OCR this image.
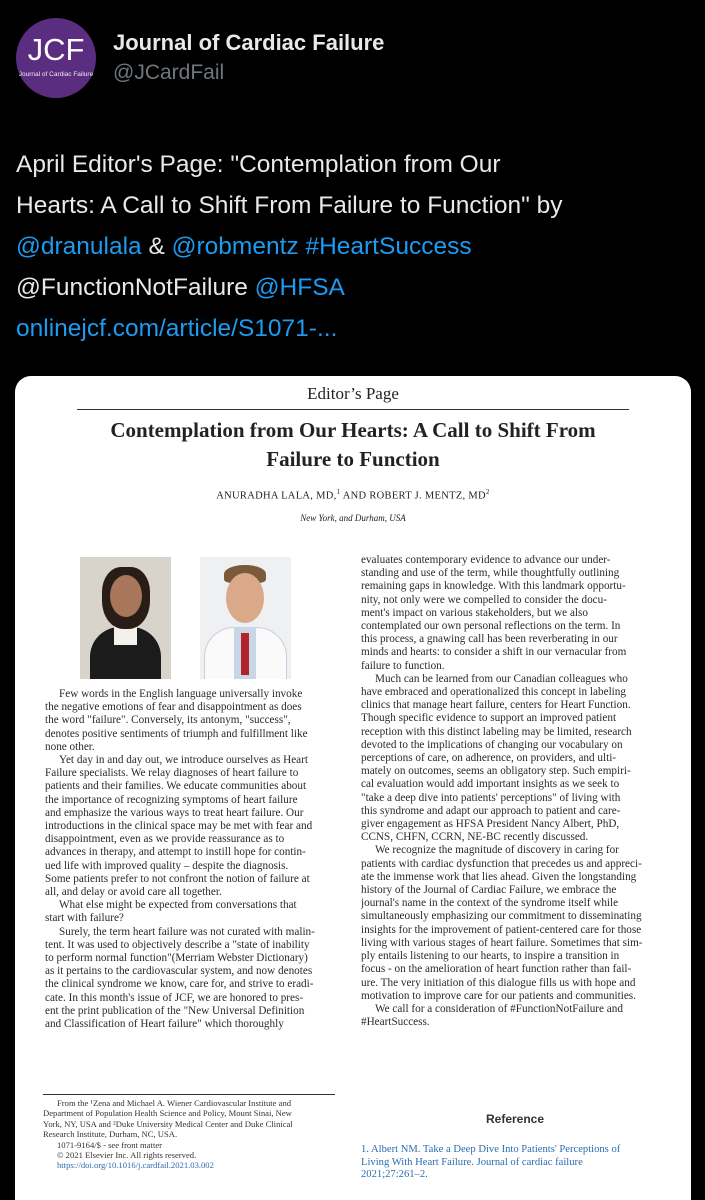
JCF
Journal of Cardiac Failure
Journal of Cardiac Failure
@JCardFail
April Editor's Page: "Contemplation from Our
Hearts: A Call to Shift From Failure to Function" by
@dranulala & @robmentz #HeartSuccess
@FunctionNotFailure @HFSA
onlinejcf.com/article/S1071-...
Editor’s Page
Contemplation from Our Hearts: A Call to Shift From
Failure to Function
ANURADHA LALA, MD,$^1$ AND ROBERT J. MENTZ, $MD^2$
New York, and Durham, USA
Few words in the English language universally invoke
the negative emotions of fear and disappointment as does
the word "failure". Conversely, its antonym, "success",
denotes positive sentiments of triumph and fulfillment like
none other.
Yet day in and day out, we introduce ourselves as Heart
Failure specialists. We relay diagnoses of heart failure to
patients and their families. We educate communities about
the importance of recognizing symptoms of heart failure
and emphasize the various ways to treat heart failure. Our
introductions in the clinical space may be met with fear and
disappointment, even as we provide reassurance as to
advances in therapy, and attempt to instill hope for contin-
ued life with improved quality – despite the diagnosis.
Some patients prefer to not confront the notion of failure at
all, and delay or avoid care all together.
What else might be expected from conversations that
start with failure?
Surely, the term heart failure was not curated with malin-
tent. It was used to objectively describe a "state of inability
to perform normal function"(Merriam Webster Dictionary)
as it pertains to the cardiovascular system, and now denotes
the clinical syndrome we know, care for, and strive to eradi-
cate. In this month's issue of JCF, we are honored to pres-
ent the print publication of the "New Universal Definition
and Classification of Heart failure" which thoroughly
evaluates contemporary evidence to advance our under-
standing and use of the term, while thoughtfully outlining
remaining gaps in knowledge. With this landmark opportu-
nity, not only were we compelled to consider the docu-
ment's impact on various stakeholders, but we also
contemplated our own personal reflections on the term. In
this process, a gnawing call has been reverberating in our
minds and hearts: to consider a shift in our vernacular from
failure to function.
Much can be learned from our Canadian colleagues who
have embraced and operationalized this concept in labeling
clinics that manage heart failure, centers for Heart Function.
Though specific evidence to support an improved patient
reception with this distinct labeling may be limited, research
devoted to the implications of changing our vocabulary on
perceptions of care, on adherence, on providers, and ulti-
mately on outcomes, seems an obligatory step. Such empiri-
cal evaluation would add important insights as we seek to
"take a deep dive into patients' perceptions" of living with
this syndrome and adapt our approach to patient and care-
giver engagement as HFSA President Nancy Albert, PhD,
CCNS, CHFN, CCRN, NE-BC recently discussed.
We recognize the magnitude of discovery in caring for
patients with cardiac dysfunction that precedes us and appreci-
ate the immense work that lies ahead. Given the longstanding
history of the Journal of Cardiac Failure, we embrace the
journal's name in the context of the syndrome itself while
simultaneously emphasizing our commitment to disseminating
insights for the improvement of patient-centered care for those
living with various stages of heart failure. Sometimes that sim-
ply entails listening to our hearts, to inspire a transition in
focus - on the amelioration of heart function rather than fail-
ure. The very initiation of this dialogue fills us with hope and
motivation to improve care for our patients and communities.
We call for a consideration of #FunctionNotFailure and
#HeartSuccess.
From the ¹Zena and Michael A. Wiener Cardiovascular Institute and
Department of Population Health Science and Policy, Mount Sinai, New
York, NY, USA and ²Duke University Medical Center and Duke Clinical
Research Institute, Durham, NC, USA.
1071-9164/$ - see front matter
© 2021 Elsevier Inc. All rights reserved.
https://doi.org/10.1016/j.cardfail.2021.03.002
Reference
1. Albert NM. Take a Deep Dive Into Patients' Perceptions of
Living With Heart Failure. Journal of cardiac failure
2021;27:261–2.
